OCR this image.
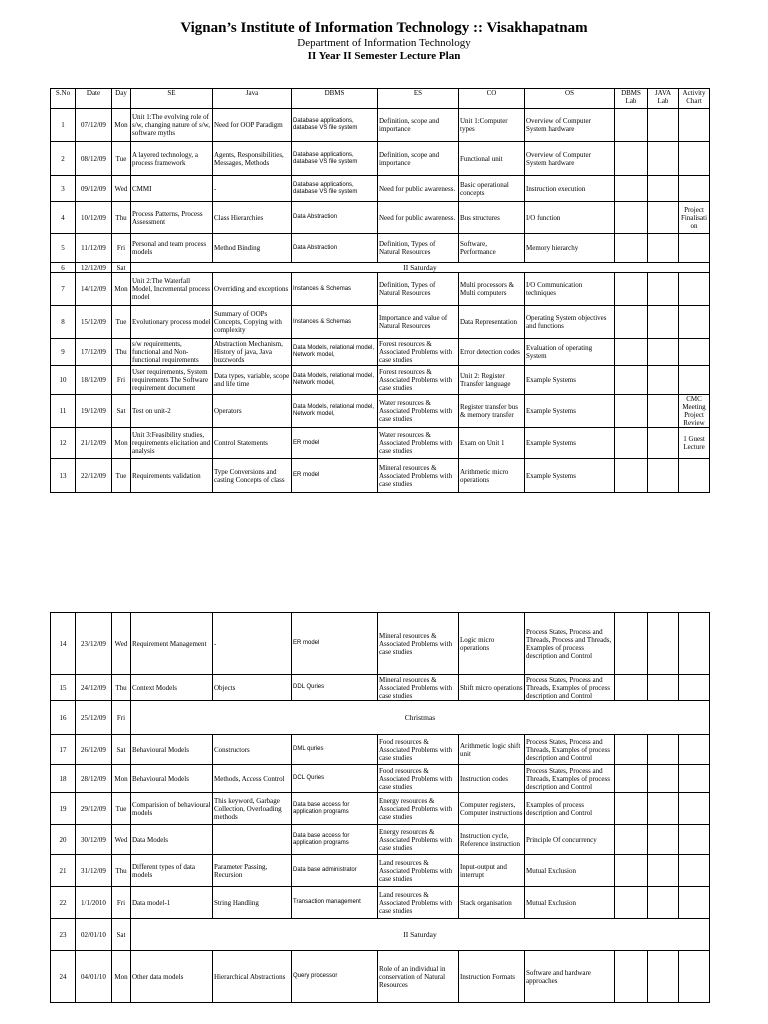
Vignan’s Institute of Information Technology :: Visakhapatnam
Department of Information Technology
II Year II Semester Lecture Plan
S.No	Date	Day	SE	Java	DBMS	ES	CO	OS	DBMS Lab	JAVA Lab	Activity Chart
1	07/12/09	Mon	Unit 1:The evolving role of s/w, changing nature of s/w, software myths	Need for OOP Paradigm	Database applications, database VS file system	Definition, scope and importance	Unit 1:Computer types	Overview of Computer System hardware			
2	08/12/09	Tue	A layered technology, a process framework	Agents, Responsibilities, Messages, Methods	Database applications, database VS file system	Definition, scope and importance	Functional unit	Overview of Computer System hardware			
3	09/12/09	Wed	CMMI	-	Database applications, database VS file system	Need for public awareness.	Basic operational concepts	Instruction execution			
4	10/12/09	Thu	Process Patterns, Process Assessment	Class Hierarchies	Data Abstraction	Need for public awareness.	Bus structures	I/O function			Project Finalisation
5	11/12/09	Fri	Personal and team process models	Method Binding	Data Abstraction	Definition, Types of Natural Resources	Software, Performance	Memory hierarchy			
6	12/12/09	Sat	II Saturday								
7	14/12/09	Mon	Unit 2:The Waterfall Model, Incremental process model	Overriding and exceptions	Instances & Schemas	Definition, Types of Natural Resources	Multi processors & Multi computers	I/O Communication techniques			
8	15/12/09	Tue	Evolutionary process model	Summary of OOPs Concepts, Copying with complexity	Instances & Schemas	Importance and value of Natural Resources	Data Representation	Operating System objectives and functions			
9	17/12/09	Thu	s/w requirements, functional and Non-functional requirements	Abstraction Mechanism, History of java, Java buzzwords	Data Models, relational model, Network model,	Forest resources & Associated Problems with case studies	Error detection codes	Evaluation of operating System			
10	18/12/09	Fri	User requirements, System requirements The Software requirement document	Data types, variable, scope and life time	Data Models, relational model, Network model,	Forest resources & Associated Problems with case studies	Unit 2: Register Transfer language	Example Systems			
11	19/12/09	Sat	Test on unit-2	Operators	Data Models, relational model, Network model,	Water resources & Associated Problems with case studies	Register transfer bus & memory transfer	Example Systems			CMC Meeting Project Review
12	21/12/09	Mon	Unit 3:Feasibility studies, requirements elicitation and analysis	Control Statements	ER model	Water resources & Associated Problems with case studies	Exam on Unit 1	Example Systems			1 Guest Lecture
13	22/12/09	Tue	Requirements validation	Type Conversions and casting Concepts of class	ER model	Mineral resources & Associated Problems with case studies	Arithmetic micro operations	Example Systems			
14	23/12/09	Wed	Requirement Management	-	ER model	Mineral resources & Associated Problems with case studies	Logic micro operations	Process States, Process and Threads, Process and Threads, Examples of process description and Control			
15	24/12/09	Thu	Context Models	Objects	DDL Quries	Mineral resources & Associated Problems with case studies	Shift micro operations	Process States, Process and Threads, Examples of process description and Control			
16	25/12/09	Fri	Christmas								
17	26/12/09	Sat	Behavioural Models	Constructors	DML quries	Food resources & Associated Problems with case studies	Arithmetic logic shift unit	Process States, Process and Threads, Examples of process description and Control			
18	28/12/09	Mon	Behavioural Models	Methods, Access Control	DCL Quries	Food resources & Associated Problems with case studies	Instruction codes	Process States, Process and Threads, Examples of process description and Control			
19	29/12/09	Tue	Comparision of behavioural models	This keyword, Garbage Collection, Overloading methods	Data base access for application programs	Energy resources & Associated Problems with case studies	Computer registers, Computer instructions	Examples of process description and Control			
20	30/12/09	Wed	Data Models		Data base access for application programs	Energy resources & Associated Problems with case studies	Instruction cycle, Reference instruction	Principle Of concurrency			
21	31/12/09	Thu	Different types of data models	Parameter Passing, Recursion	Data base administrator	Land resources & Associated Problems with case studies	Input-output and interrupt	Mutual Exclusion			
22	1/1/2010	Fri	Data model-1	String Handling	Transaction management	Land resources & Associated Problems with case studies	Stack organisation	Mutual Exclusion			
23	02/01/10	Sat	II Saturday								
24	04/01/10	Mon	Other data models	Hierarchical Abstractions	Query processor	Role of an individual in conservation of Natural Resources	Instruction Formats	Software and hardware approaches			
